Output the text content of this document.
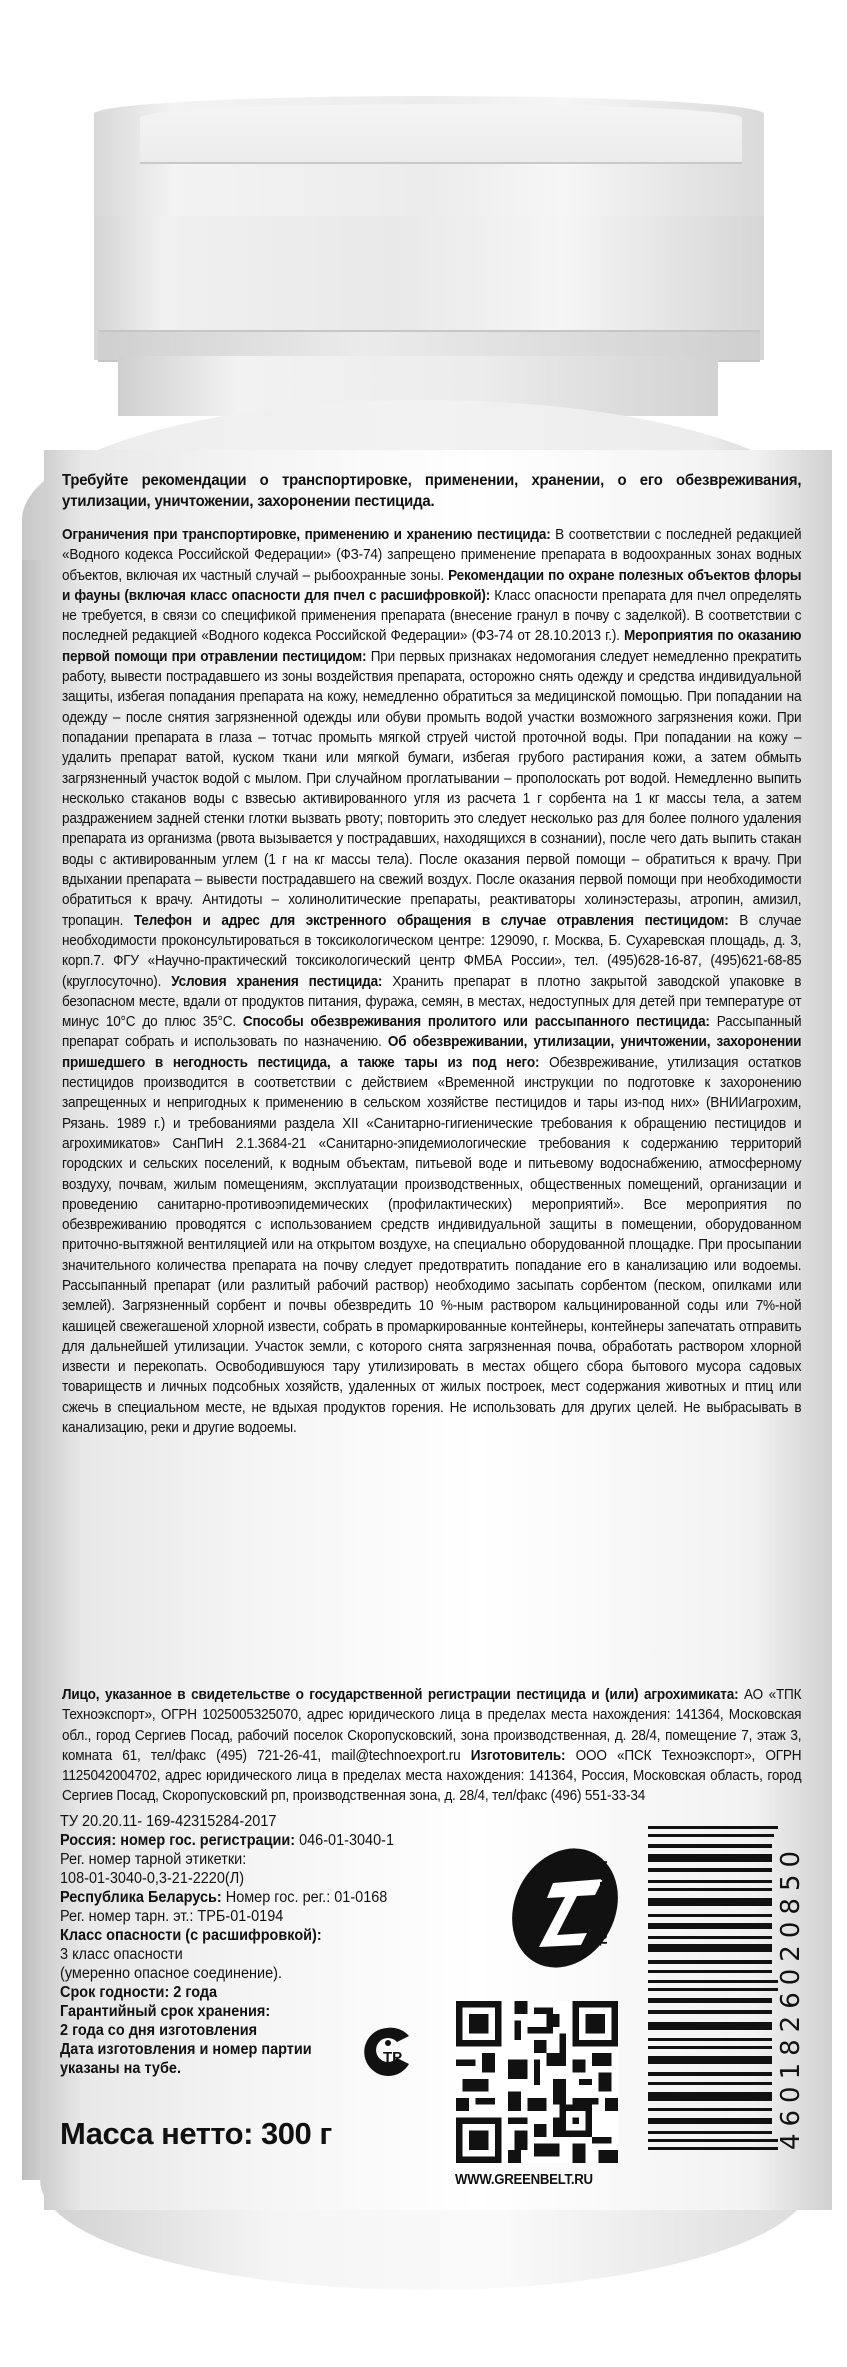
Требуйте рекомендации о транспортировке, применении, хранении, о его обезвреживания, утилизации, уничтожении, захоронении пестицида.
Ограничения при транспортировке, применению и хранению пестицида: В соответствии с последней редакцией «Водного кодекса Российской Федерации» (ФЗ-74) запрещено применение препарата в водоохранных зонах водных объектов, включая их частный случай – рыбоохранные зоны. Рекомендации по охране полезных объектов флоры и фауны (включая класс опасности для пчел с расшифровкой): Класс опасности препарата для пчел определять не требуется, в связи со спецификой применения препарата (внесение гранул в почву с заделкой). В соответствии с последней редакцией «Водного кодекса Российской Федерации» (ФЗ-74 от 28.10.2013 г.). Мероприятия по оказанию первой помощи при отравлении пестицидом: При первых признаках недомогания следует немедленно прекратить работу, вывести пострадавшего из зоны воздействия препарата, осторожно снять одежду и средства индивидуальной защиты, избегая попадания препарата на кожу, немедленно обратиться за медицинской помощью. При попадании на одежду – после снятия загрязненной одежды или обуви промыть водой участки возможного загрязнения кожи. При попадании препарата в глаза – тотчас промыть мягкой струей чистой проточной воды. При попадании на кожу – удалить препарат ватой, куском ткани или мягкой бумаги, избегая грубого растирания кожи, а затем обмыть загрязненный участок водой с мылом. При случайном проглатывании – прополоскать рот водой. Немедленно выпить несколько стаканов воды с взвесью активированного угля из расчета 1 г сорбента на 1 кг массы тела, а затем раздражением задней стенки глотки вызвать рвоту; повторить это следует несколько раз для более полного удаления препарата из организма (рвота вызывается у пострадавших, находящихся в сознании), после чего дать выпить стакан воды с активированным углем (1 г на кг массы тела). После оказания первой помощи – обратиться к врачу. При вдыхании препарата – вывести пострадавшего на свежий воздух. После оказания первой помощи при необходимости обратиться к врачу. Антидоты – холинолитические препараты, реактиваторы холинэстеразы, атропин, амизил, тропацин. Телефон и адрес для экстренного обращения в случае отравления пестицидом: В случае необходимости проконсультироваться в токсикологическом центре: 129090, г. Москва, Б. Сухаревская площадь, д. 3, корп.7. ФГУ «Научно-практический токсикологический центр ФМБА России», тел. (495)628-16-87, (495)621-68-85 (круглосуточно). Условия хранения пестицида: Хранить препарат в плотно закрытой заводской упаковке в безопасном месте, вдали от продуктов питания, фуража, семян, в местах, недоступных для детей при температуре от минус 10°С до плюс 35°С. Способы обезвреживания пролитого или рассыпанного пестицида: Рассыпанный препарат собрать и использовать по назначению. Об обезвреживании, утилизации, уничтожении, захоронении пришедшего в негодность пестицида, а также тары из под него: Обезвреживание, утилизация остатков пестицидов производится в соответствии с действием «Временной инструкции по подготовке к захоронению запрещенных и непригодных к применению в сельском хозяйстве пестицидов и тары из-под них» (ВНИИагрохим, Рязань. 1989 г.) и требованиями раздела XII «Санитарно-гигиенические требования к обращению пестицидов и агрохимикатов» СанПиН 2.1.3684-21 «Санитарно-эпидемиологические требования к содержанию территорий городских и сельских поселений, к водным объектам, питьевой воде и питьевому водоснабжению, атмосферному воздуху, почвам, жилым помещениям, эксплуатации производственных, общественных помещений, организации и проведению санитарно-противоэпидемических (профилактических) мероприятий». Все мероприятия по обезвреживанию проводятся с использованием средств индивидуальной защиты в помещении, оборудованном приточно-вытяжной вентиляцией или на открытом воздухе, на специально оборудованной площадке. При просыпании значительного количества препарата на почву следует предотвратить попадание его в канализацию или водоемы. Рассыпанный препарат (или разлитый рабочий раствор) необходимо засыпать сорбентом (песком, опилками или землей). Загрязненный сорбент и почвы обезвредить 10 %-ным раствором кальцинированной соды или 7%-ной кашицей свежегашеной хлорной извести, собрать в промаркированные контейнеры, контейнеры запечатать отправить для дальнейшей утилизации. Участок земли, с которого снята загрязненная почва, обработать раствором хлорной извести и перекопать. Освободившуюся тару утилизировать в местах общего сбора бытового мусора садовых товариществ и личных подсобных хозяйств, удаленных от жилых построек, мест содержания животных и птиц или сжечь в специальном месте, не вдыхая продуктов горения. Не использовать для других целей. Не выбрасывать в канализацию, реки и другие водоемы.
Лицо, указанное в свидетельстве о государственной регистрации пестицида и (или) агрохимиката: АО «ТПК Техноэкспорт», ОГРН 1025005325070, адрес юридического лица в пределах места нахождения: 141364, Московская обл., город Сергиев Посад, рабочий поселок Скоропусковский, зона производственная, д. 28/4, помещение 7, этаж 3, комната 61, тел/факс (495) 721-26-41, mail@technoexport.ru Изготовитель: ООО «ПСК Техноэкспорт», ОГРН 1125042004702, адрес юридического лица в пределах места нахождения: 141364, Россия, Московская область, город Сергиев Посад, Скоропусковский рп, производственная зона, д. 28/4, тел/факс (496) 551-33-34
ТУ 20.20.11- 169-42315284-2017
Россия: номер гос. регистрации: 046-01-3040-1
Рег. номер тарной этикетки:
108-01-3040-0,3-21-2220(Л)
Республика Беларусь: Номер гос. рег.: 01-0168
Рег. номер тарн. эт.: ТРБ-01-0194
Класс опасности (с расшифровкой):
3 класс опасности
(умеренно опасное соединение).
Срок годности: 2 года
Гарантийный срок хранения:
2 года со дня изготовления
Дата изготовления и номер партии
указаны на тубе.
Масса нетто: 300 г
техноэкспорт
ТР
WWW.GREENBELT.RU
4601826020850
